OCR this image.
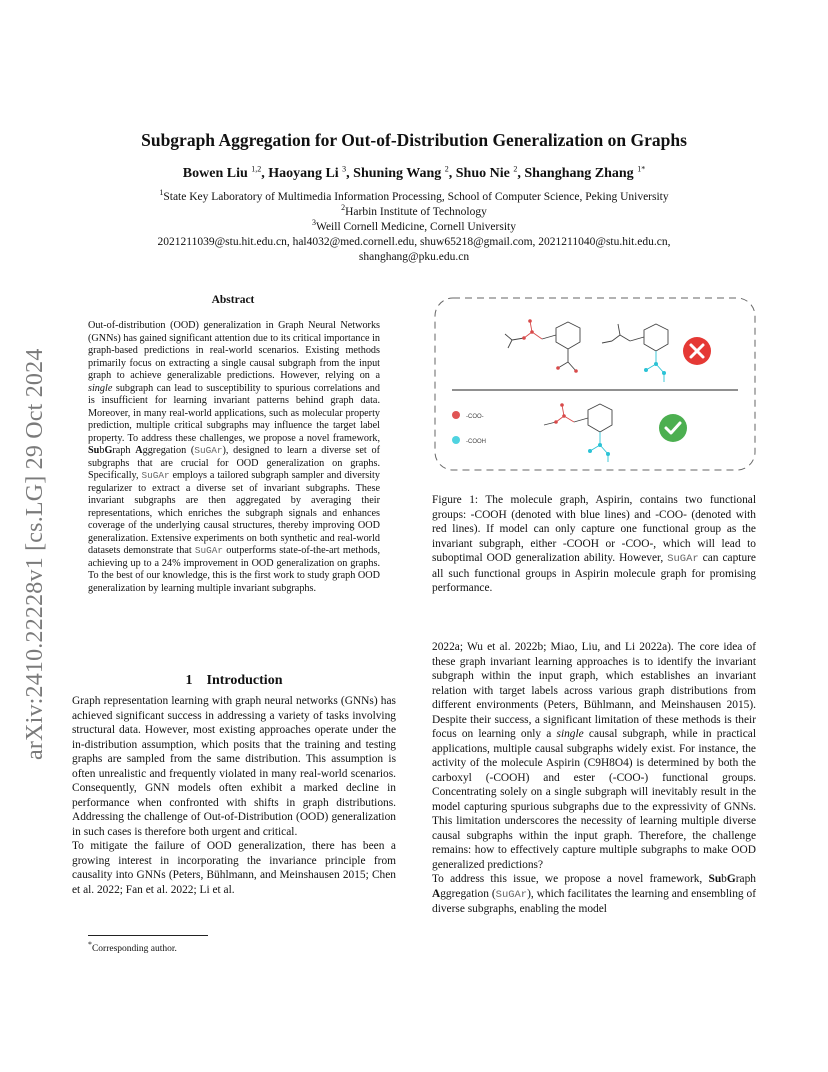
arXiv:2410.22228v1 [cs.LG] 29 Oct 2024
Subgraph Aggregation for Out-of-Distribution Generalization on Graphs
Bowen Liu $^{1,2}$, Haoyang Li $^3$, Shuning Wang $^2$, Shuo Nie $^2$, Shanghang Zhang $^{1*}$
$^1$State Key Laboratory of Multimedia Information Processing, School of Computer Science, Peking University
$^2$Harbin Institute of Technology
$^3$Weill Cornell Medicine, Cornell University
2021211039@stu.hit.edu.cn, hal4032@med.cornell.edu, shuw65218@gmail.com, 2021211040@stu.hit.edu.cn,
shanghang@pku.edu.cn
Abstract
Out-of-distribution (OOD) generalization in Graph Neural Networks (GNNs) has gained significant attention due to its critical importance in graph-based predictions in real-world scenarios. Existing methods primarily focus on extracting a single causal subgraph from the input graph to achieve generalizable predictions. However, relying on a single subgraph can lead to susceptibility to spurious correlations and is insufficient for learning invariant patterns behind graph data. Moreover, in many real-world applications, such as molecular property prediction, multiple critical subgraphs may influence the target label property. To address these challenges, we propose a novel framework, SubGraph Aggregation (SuGAr), designed to learn a diverse set of subgraphs that are crucial for OOD generalization on graphs. Specifically, SuGAr employs a tailored subgraph sampler and diversity regularizer to extract a diverse set of invariant subgraphs. These invariant subgraphs are then aggregated by averaging their representations, which enriches the subgraph signals and enhances coverage of the underlying causal structures, thereby improving OOD generalization. Extensive experiments on both synthetic and real-world datasets demonstrate that SuGAr outperforms state-of-the-art methods, achieving up to a 24% improvement in OOD generalization on graphs. To the best of our knowledge, this is the first work to study graph OOD generalization by learning multiple invariant subgraphs.
1 Introduction

Graph representation learning with graph neural networks (GNNs) has achieved significant success in addressing a variety of tasks involving structural data. However, most existing approaches operate under the in-distribution assumption, which posits that the training and testing graphs are sampled from the same distribution. This assumption is often unrealistic and frequently violated in many real-world scenarios. Consequently, GNN models often exhibit a marked decline in performance when confronted with shifts in graph distributions. Addressing the challenge of Out-of-Distribution (OOD) generalization in such cases is therefore both urgent and critical.

To mitigate the failure of OOD generalization, there has been a growing interest in incorporating the invariance principle from causality into GNNs (Peters, Bühlmann, and Meinshausen 2015; Chen et al. 2022; Fan et al. 2022; Li et al.

*Corresponding author.
-COO-
-COOH
Figure 1: The molecule graph, Aspirin, contains two functional groups: -COOH (denoted with blue lines) and -COO- (denoted with red lines). If model can only capture one functional group as the invariant subgraph, either -COOH or -COO-, which will lead to suboptimal OOD generalization ability. However, SuGAr can capture all such functional groups in Aspirin molecule graph for promising performance.

2022a; Wu et al. 2022b; Miao, Liu, and Li 2022a). The core idea of these graph invariant learning approaches is to identify the invariant subgraph within the input graph, which establishes an invariant relation with target labels across various graph distributions from different environments (Peters, Bühlmann, and Meinshausen 2015). Despite their success, a significant limitation of these methods is their focus on learning only a single causal subgraph, while in practical applications, multiple causal subgraphs widely exist. For instance, the activity of the molecule Aspirin (C9H8O4) is determined by both the carboxyl (-COOH) and ester (-COO-) functional groups. Concentrating solely on a single subgraph will inevitably result in the model capturing spurious subgraphs due to the expressivity of GNNs. This limitation underscores the necessity of learning multiple diverse causal subgraphs within the input graph. Therefore, the challenge remains: how to effectively capture multiple subgraphs to make OOD generalized predictions?

To address this issue, we propose a novel framework, SubGraph Aggregation (SuGAr), which facilitates the learning and ensembling of diverse subgraphs, enabling the model
